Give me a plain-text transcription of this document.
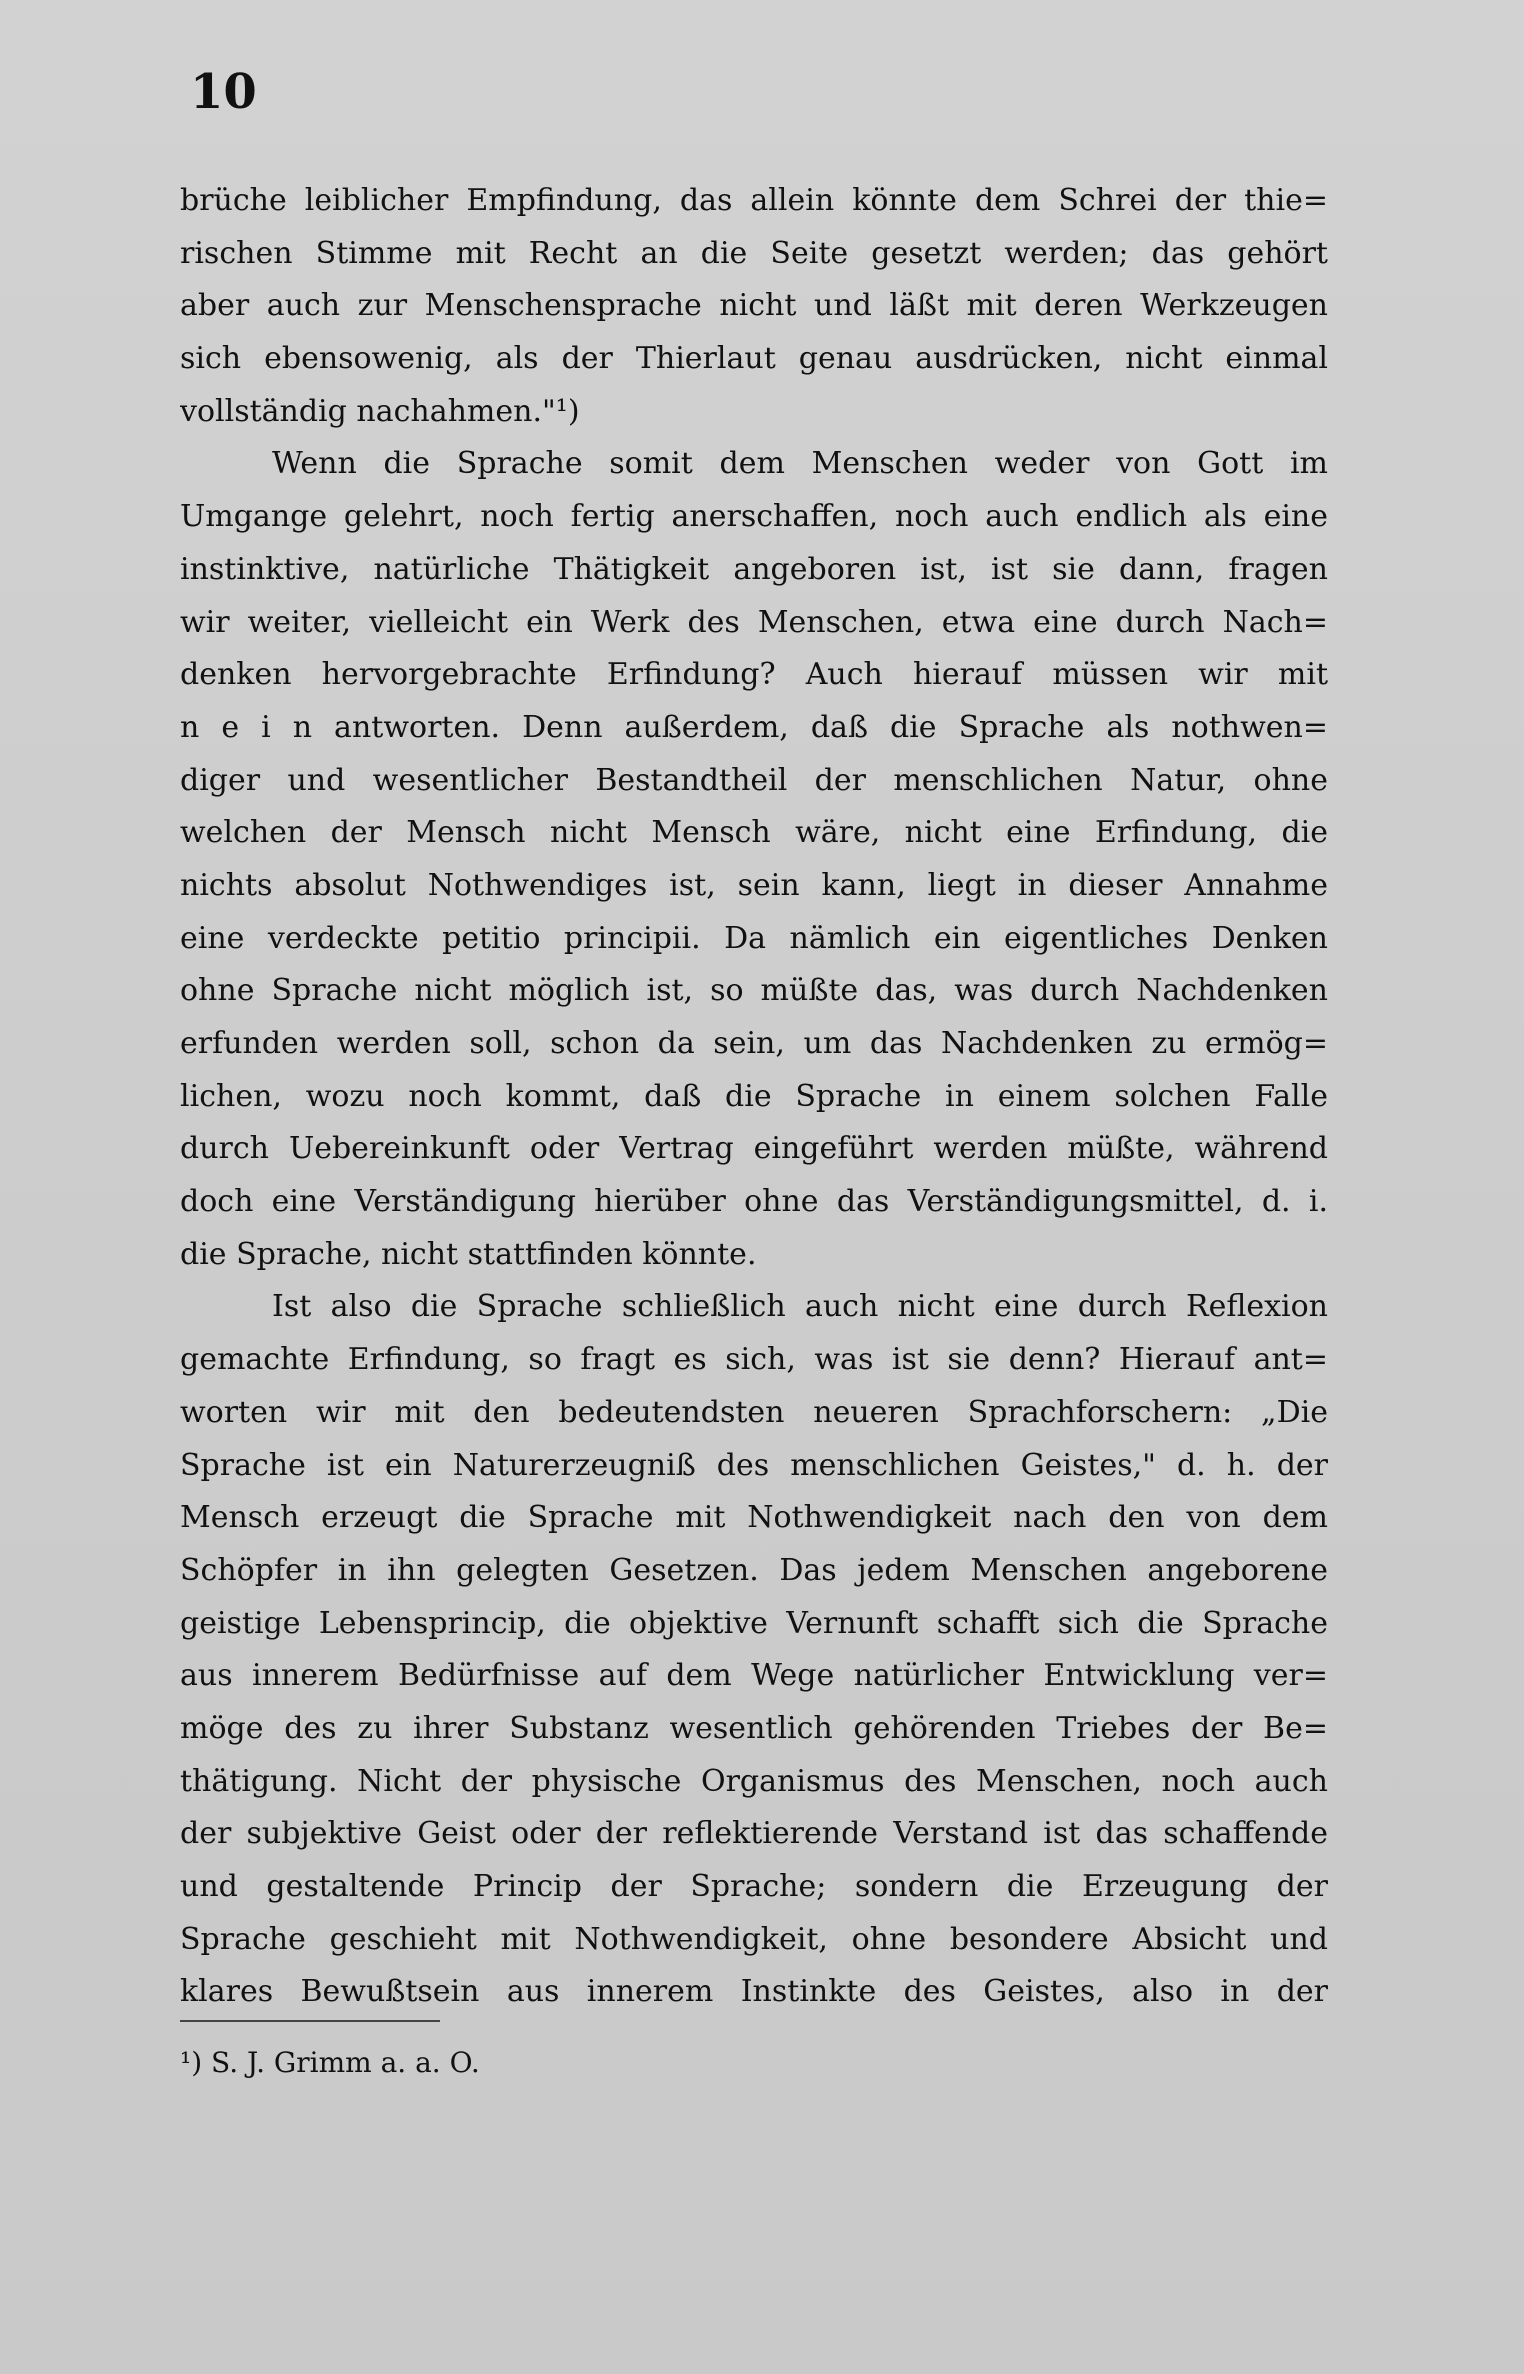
10
brüche leiblicher Empfindung, das allein könnte dem Schrei der thie=
rischen Stimme mit Recht an die Seite gesetzt werden; das gehört
aber auch zur Menschensprache nicht und läßt mit deren Werkzeugen
sich ebensowenig, als der Thierlaut genau ausdrücken, nicht einmal
vollständig nachahmen."¹)
Wenn die Sprache somit dem Menschen weder von Gott im
Umgange gelehrt, noch fertig anerschaffen, noch auch endlich als eine
instinktive, natürliche Thätigkeit angeboren ist, ist sie dann, fragen
wir weiter, vielleicht ein Werk des Menschen, etwa eine durch Nach=
denken hervorgebrachte Erfindung? Auch hierauf müssen wir mit
n e i n antworten. Denn außerdem, daß die Sprache als nothwen=
diger und wesentlicher Bestandtheil der menschlichen Natur, ohne
welchen der Mensch nicht Mensch wäre, nicht eine Erfindung, die
nichts absolut Nothwendiges ist, sein kann, liegt in dieser Annahme
eine verdeckte petitio principii. Da nämlich ein eigentliches Denken
ohne Sprache nicht möglich ist, so müßte das, was durch Nachdenken
erfunden werden soll, schon da sein, um das Nachdenken zu ermög=
lichen, wozu noch kommt, daß die Sprache in einem solchen Falle
durch Uebereinkunft oder Vertrag eingeführt werden müßte, während
doch eine Verständigung hierüber ohne das Verständigungsmittel, d. i.
die Sprache, nicht stattfinden könnte.
Ist also die Sprache schließlich auch nicht eine durch Reflexion
gemachte Erfindung, so fragt es sich, was ist sie denn? Hierauf ant=
worten wir mit den bedeutendsten neueren Sprachforschern: „Die
Sprache ist ein Naturerzeugniß des menschlichen Geistes," d. h. der
Mensch erzeugt die Sprache mit Nothwendigkeit nach den von dem
Schöpfer in ihn gelegten Gesetzen. Das jedem Menschen angeborene
geistige Lebensprincip, die objektive Vernunft schafft sich die Sprache
aus innerem Bedürfnisse auf dem Wege natürlicher Entwicklung ver=
möge des zu ihrer Substanz wesentlich gehörenden Triebes der Be=
thätigung. Nicht der physische Organismus des Menschen, noch auch
der subjektive Geist oder der reflektierende Verstand ist das schaffende
und gestaltende Princip der Sprache; sondern die Erzeugung der
Sprache geschieht mit Nothwendigkeit, ohne besondere Absicht und
klares Bewußtsein aus innerem Instinkte des Geistes, also in der
¹) S. J. Grimm a. a. O.
